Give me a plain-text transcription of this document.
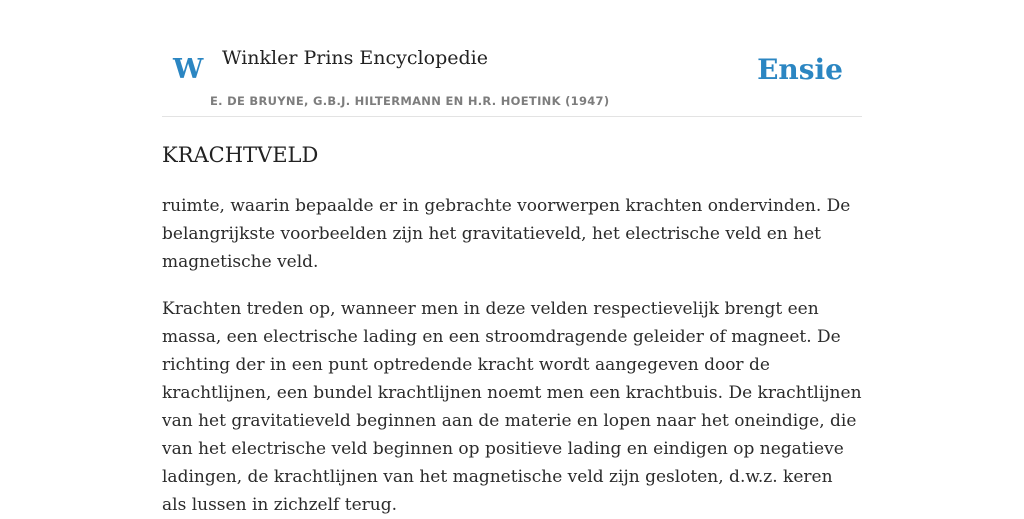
W Winkler Prins Encyclopedie
E. DE BRUYNE, G.B.J. HILTERMANN EN H.R. HOETINK (1947)
Ensie
KRACHTVELD

ruimte, waarin bepaalde er in gebrachte voorwerpen krachten ondervinden. De belangrijkste voorbeelden zijn het gravitatieveld, het electrische veld en het magnetische veld.

Krachten treden op, wanneer men in deze velden respectievelijk brengt een massa, een electrische lading en een stroomdragende geleider of magneet. De richting der in een punt optredende kracht wordt aangegeven door de krachtlijnen, een bundel krachtlijnen noemt men een krachtbuis. De krachtlijnen van het gravitatieveld beginnen aan de materie en lopen naar het oneindige, die van het electrische veld beginnen op positieve lading en eindigen op negatieve ladingen, de krachtlijnen van het magnetische veld zijn gesloten, d.w.z. keren als lussen in zichzelf terug.
